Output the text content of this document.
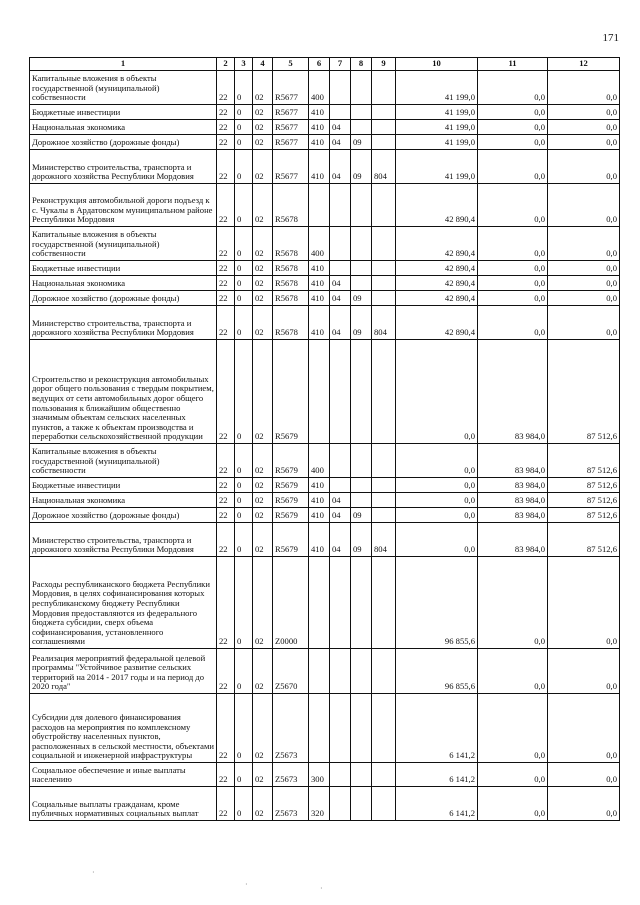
171
1	2	3	4	5	6	7	8	9	10	11	12
Капитальные вложения в объекты государственной (муниципальной) собственности	22	0	02	R5677	400				41 199,0	0,0	0,0
Бюджетные инвестиции	22	0	02	R5677	410				41 199,0	0,0	0,0
Национальная экономика	22	0	02	R5677	410	04			41 199,0	0,0	0,0
Дорожное хозяйство (дорожные фонды)	22	0	02	R5677	410	04	09		41 199,0	0,0	0,0
Министерство строительства, транспорта и дорожного хозяйства Республики Мордовия	22	0	02	R5677	410	04	09	804	41 199,0	0,0	0,0
Реконструкция автомобильной дороги подъезд к с. Чукалы в Ардатовском муниципальном районе Республики Мордовия	22	0	02	R5678					42 890,4	0,0	0,0
Капитальные вложения в объекты государственной (муниципальной) собственности	22	0	02	R5678	400				42 890,4	0,0	0,0
Бюджетные инвестиции	22	0	02	R5678	410				42 890,4	0,0	0,0
Национальная экономика	22	0	02	R5678	410	04			42 890,4	0,0	0,0
Дорожное хозяйство (дорожные фонды)	22	0	02	R5678	410	04	09		42 890,4	0,0	0,0
Министерство строительства, транспорта и дорожного хозяйства Республики Мордовия	22	0	02	R5678	410	04	09	804	42 890,4	0,0	0,0
Строительство и реконструкция автомобильных дорог общего пользования с твердым покрытием, ведущих от сети автомобильных дорог общего пользования к ближайшим общественно значимым объектам сельских населенных пунктов, а также к объектам производства и переработки сельскохозяйственной продукции	22	0	02	R5679					0,0	83 984,0	87 512,6
Капитальные вложения в объекты государственной (муниципальной) собственности	22	0	02	R5679	400				0,0	83 984,0	87 512,6
Бюджетные инвестиции	22	0	02	R5679	410				0,0	83 984,0	87 512,6
Национальная экономика	22	0	02	R5679	410	04			0,0	83 984,0	87 512,6
Дорожное хозяйство (дорожные фонды)	22	0	02	R5679	410	04	09		0,0	83 984,0	87 512,6
Министерство строительства, транспорта и дорожного хозяйства Республики Мордовия	22	0	02	R5679	410	04	09	804	0,0	83 984,0	87 512,6
Расходы республиканского бюджета Республики Мордовия, в целях софинансирования которых республиканскому бюджету Республики Мордовия предоставляются из федерального бюджета субсидии, сверх объема софинансирования, установленного соглашениями	22	0	02	Z0000					96 855,6	0,0	0,0
Реализация мероприятий федеральной целевой программы "Устойчивое развитие сельских территорий на 2014 - 2017 годы и на период до 2020 года"	22	0	02	Z5670					96 855,6	0,0	0,0
Субсидии для долевого финансирования расходов на мероприятия по комплексному обустройству населенных пунктов, расположенных в сельской местности, объектами социальной и инженерной инфраструктуры	22	0	02	Z5673					6 141,2	0,0	0,0
Социальное обеспечение и иные выплаты населению	22	0	02	Z5673	300				6 141,2	0,0	0,0
Социальные выплаты гражданам, кроме публичных нормативных социальных выплат	22	0	02	Z5673	320				6 141,2	0,0	0,0
·
·	·
